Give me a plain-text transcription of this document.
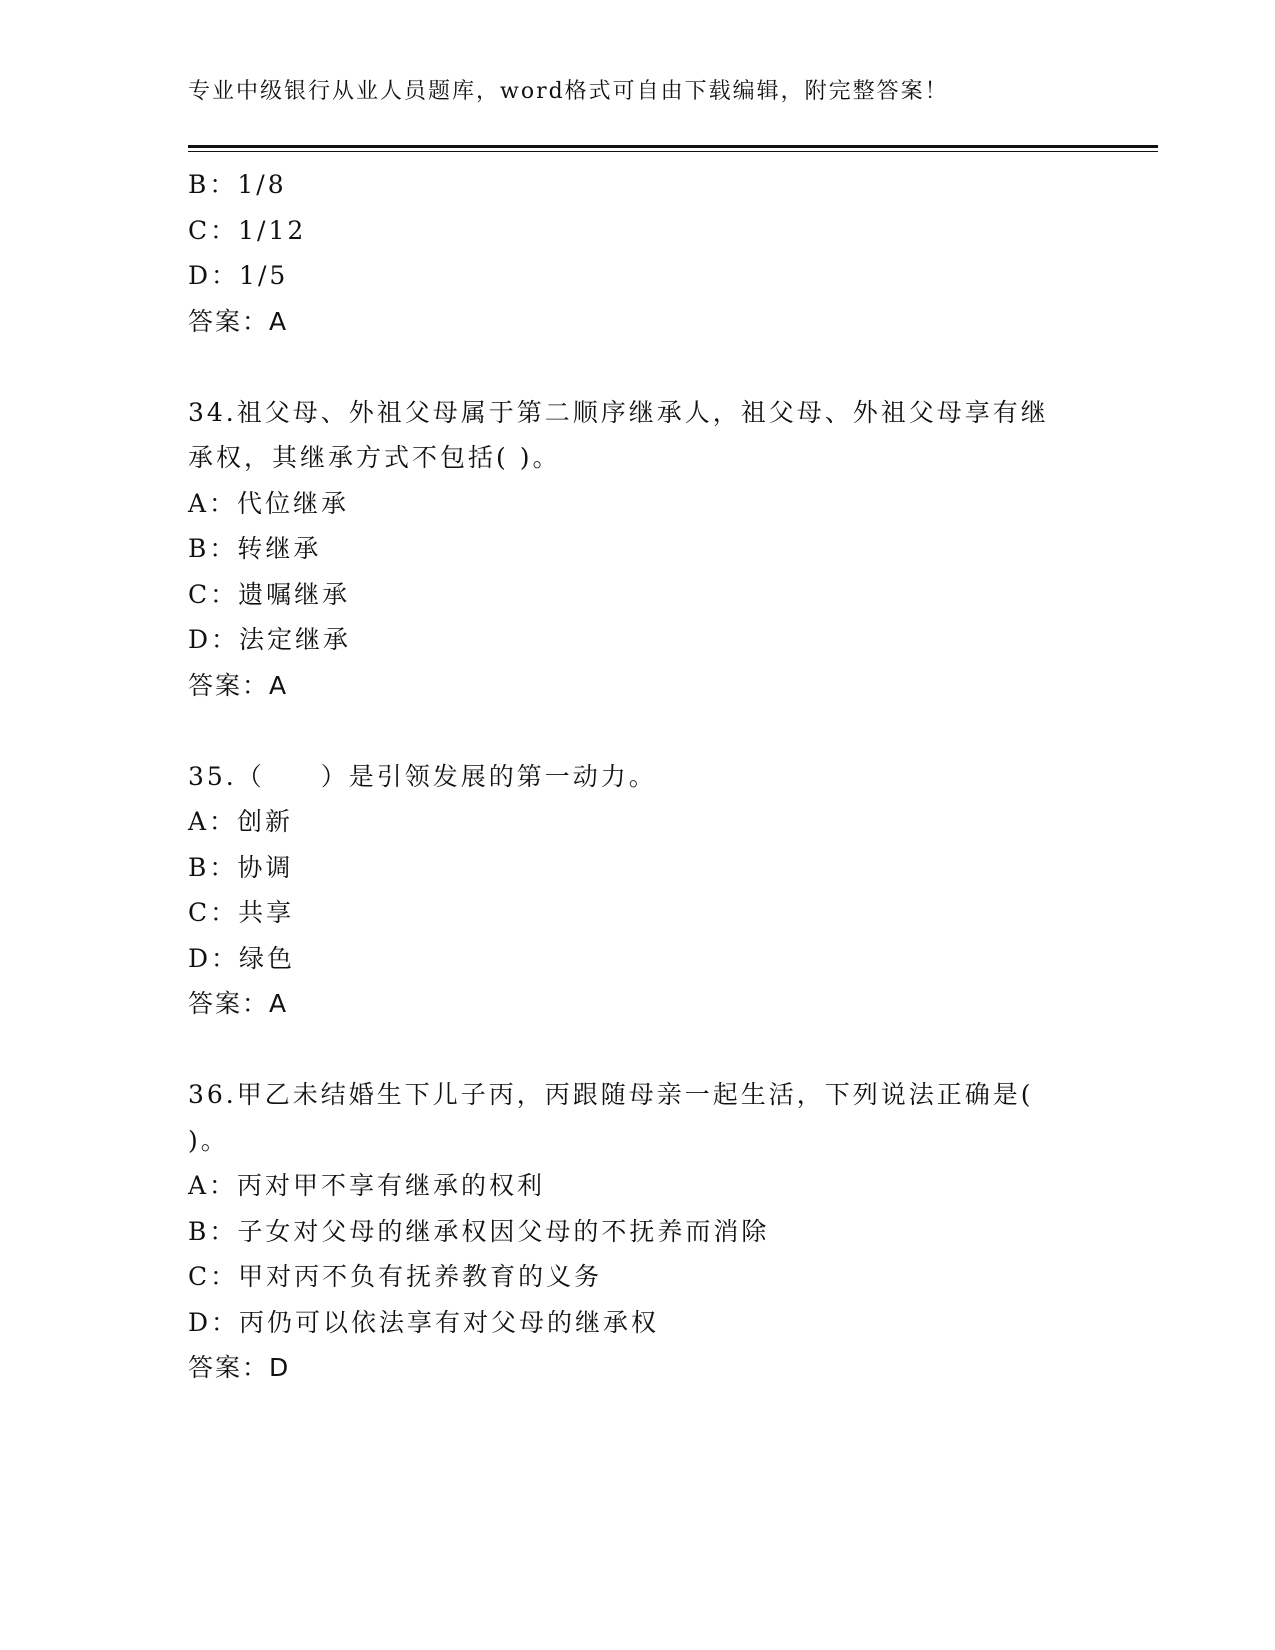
专业中级银行从业人员题库，word格式可自由下载编辑，附完整答案！
B：1/8
C：1/12
D：1/5
答案：A
34.祖父母、外祖父母属于第二顺序继承人，祖父母、外祖父母享有继
承权，其继承方式不包括( )。
A：代位继承
B：转继承
C：遗嘱继承
D：法定继承
答案：A
35.（　　）是引领发展的第一动力。
A：创新
B：协调
C：共享
D：绿色
答案：A
36.甲乙未结婚生下儿子丙，丙跟随母亲一起生活，下列说法正确是(
)。
A：丙对甲不享有继承的权利
B：子女对父母的继承权因父母的不抚养而消除
C：甲对丙不负有抚养教育的义务
D：丙仍可以依法享有对父母的继承权
答案：D
